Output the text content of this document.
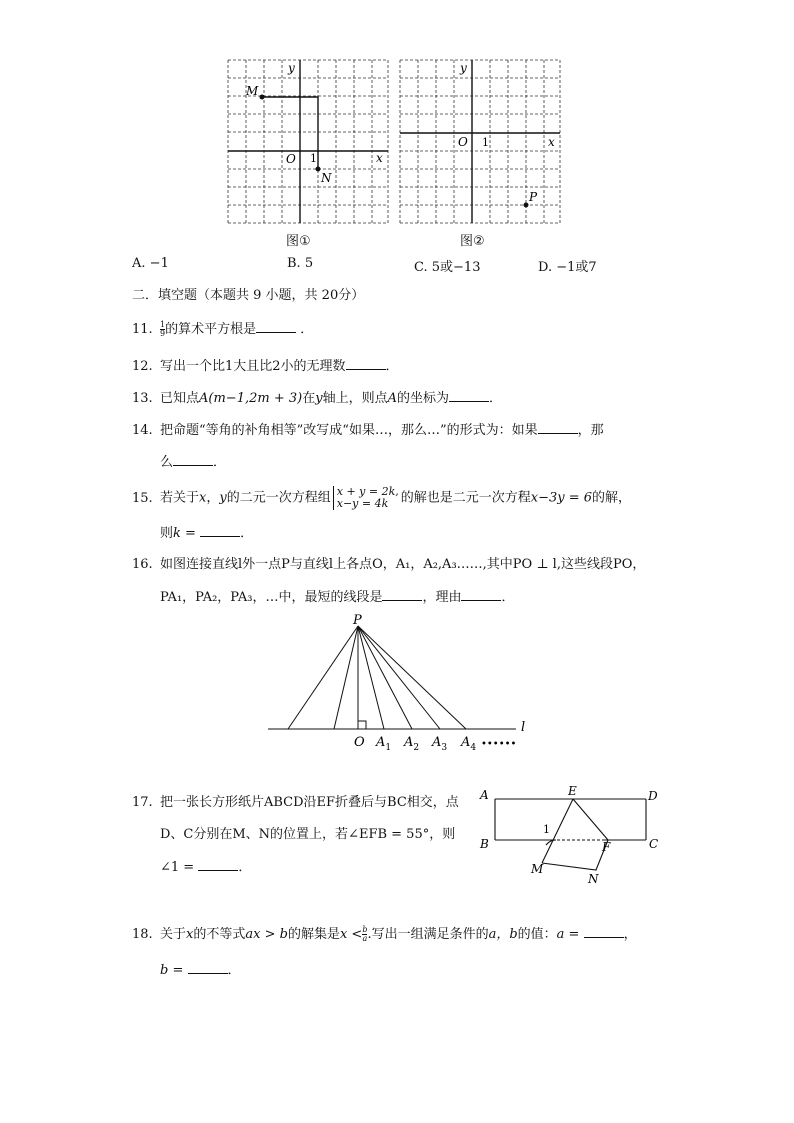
y
x
O 1
M
N
图①
y
x
O 1
P
图②
A. −1	B. 5	C. 5或−13	D. −1或7
二．填空题（本题共 9 小题，共 20分）
11. $\frac{1}{9}$ 的算术平方根是	．
12. 写出一个比1大且比2小的无理数	．
13. 已知点A(m−1,2m + 3)在y轴上，则点A的坐标为	．
14. 把命题“等角的补角相等”改写成“如果…，那么…”的形式为：如果	，那
么	．
15. 若关于x，y的二元一次方程组 x + y = 2k,
x−y = 4k 的解也是二元一次方程x−3y = 6的解，
则k =	．
16. 如图连接直线l外一点P与直线l上各点O，A₁，A₂,A₃……,其中PO ⊥ l,这些线段PO，
PA₁，PA₂，PA₃，…中，最短的线段是	，理由	．
P
l
O $A_1$ $A_2$ $A_3$ $A_4$ ••••••
17. 把一张长方形纸片ABCD沿EF折叠后与BC相交，点
D、C分别在M、N的位置上，若∠EFB = 55°，则
∠1 =	．
A
B	C
D
E
F
M
N
1
18. 关于x的不等式ax > b的解集是$x < \frac{b}{a}$ .写出一组满足条件的a，b的值：a =	，
b =	．
